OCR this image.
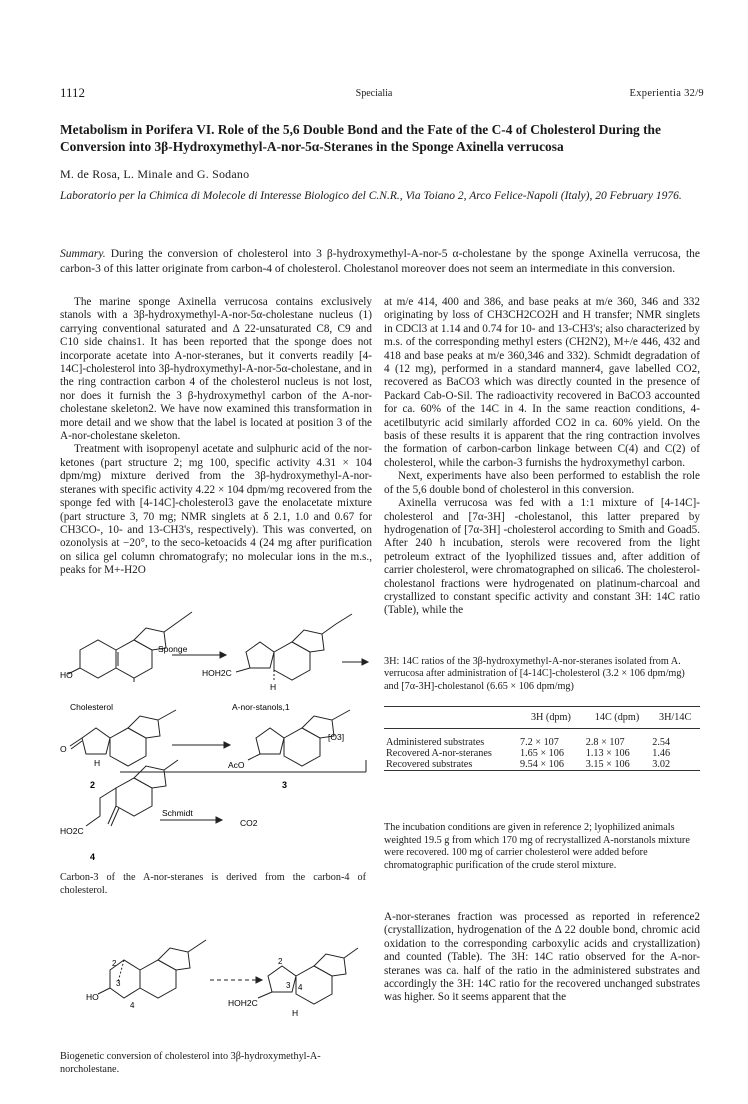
1112	Specialia	Experientia 32/9
Metabolism in Porifera VI. Role of the 5,6 Double Bond and the Fate of the C-4 of Cholesterol During the Conversion into 3β-Hydroxymethyl-A-nor-5α-Steranes in the Sponge Axinella verrucosa
M. de Rosa, L. Minale and G. Sodano
Laboratorio per la Chimica di Molecole di Interesse Biologico del C.N.R., Via Toiano 2, Arco Felice-Napoli (Italy), 20 February 1976.
Summary. During the conversion of cholesterol into 3 β-hydroxymethyl-A-nor-5 α-cholestane by the sponge Axinella verrucosa, the carbon-3 of this latter originate from carbon-4 of cholesterol. Cholestanol moreover does not seem an intermediate in this conversion.

The marine sponge Axinella verrucosa contains exclusively stanols with a 3β-hydroxymethyl-A-nor-5α-cholestane nucleus (1) carrying conventional saturated and Δ 22-unsaturated C8, C9 and C10 side chains1. It has been reported that the sponge does not incorporate acetate into A-nor-steranes, but it converts readily [4-14C]-cholesterol into 3β-hydroxymethyl-A-nor-5α-cholestane, and in the ring contraction carbon 4 of the cholesterol nucleus is not lost, nor does it furnish the 3 β-hydroxymethyl carbon of the A-nor-cholestane skeleton2. We have now examined this transformation in more detail and we show that the label is located at position 3 of the A-nor-cholestane skeleton.

Treatment with isopropenyl acetate and sulphuric acid of the nor-ketones (part structure 2; mg 100, specific activity 4.31 × 104 dpm/mg) mixture derived from the 3β-hydroxymethyl-A-nor-steranes with specific activity 4.22 × 104 dpm/mg recovered from the sponge fed with [4-14C]-cholesterol3 gave the enolacetate mixture (part structure 3, 70 mg; NMR singlets at δ 2.1, 1.0 and 0.67 for CH3CO-, 10- and 13-CH3's, respectively). This was converted, on ozonolysis at −20°, to the seco-ketoacids 4 (24 mg after purification on silica gel column chromatografy; no molecular ions in the m.s., peaks for M+-H2O

at m/e 414, 400 and 386, and base peaks at m/e 360, 346 and 332 originating by loss of CH3CH2CO2H and H transfer; NMR singlets in CDCl3 at 1.14 and 0.74 for 10- and 13-CH3's; also characterized by m.s. of the corresponding methyl esters (CH2N2), M+/e 446, 432 and 418 and base peaks at m/e 360,346 and 332). Schmidt degradation of 4 (12 mg), performed in a standard manner4, gave labelled CO2, recovered as BaCO3 which was directly counted in the presence of Packard Cab-O-Sil. The radioactivity recovered in BaCO3 accounted for ca. 60% of the 14C in 4. In the same reaction conditions, 4-acetilbutyric acid similarly afforded CO2 in ca. 60% yield. On the basis of these results it is apparent that the ring contraction involves the formation of carbon-carbon linkage between C(4) and C(2) of cholesterol, while the carbon-3 furnishs the hydroxymethyl carbon.

Next, experiments have also been performed to establish the role of the 5,6 double bond of cholesterol in this conversion.

Axinella verrucosa was fed with a 1:1 mixture of [4-14C]-cholesterol and [7α-3H] -cholestanol, this latter prepared by hydrogenation of [7α-3H] -cholesterol according to Smith and Goad5. After 240 h incubation, sterols were recovered from the light petroleum extract of the lyophilized tissues and, after addition of carrier cholesterol, were chromatographed on silica6. The cholesterol-cholestanol fractions were hydrogenated on platinum-charcoal and crystallized to constant specific activity and constant 3H: 14C ratio (Table), while the

A-nor-steranes fraction was processed as reported in reference2 (crystallization, hydrogenation of the Δ 22 double bond, chromic acid oxidation to the corresponding carboxylic acids and crystallization) and counted (Table). The 3H: 14C ratio observed for the A-nor-steranes was ca. half of the ratio in the administered substrates and accordingly the 3H: 14C ratio for the recovered unchanged substrates was higher. So it seems apparent that the

Sponge
HO	HOH2C
H
Cholesterol	A-nor-stanols,1
O
H
[O3]
AcO
2	3
Schmidt
CO2
HO2C
4
Carbon-3 of the A-nor-steranes is derived from the carbon-4 of cholesterol.
2
3
4
HO
2
3 4
HOH2C
H
Biogenetic conversion of cholesterol into 3β-hydroxymethyl-A-norcholestane.
3H: 14C ratios of the 3β-hydroxymethyl-A-nor-steranes isolated from A. verrucosa after administration of [4-14C]-cholesterol (3.2 × 106 dpm/mg) and [7α-3H]-cholestanol (6.65 × 106 dpm/mg)
	3H (dpm)	14C (dpm)	3H/14C

Administered substrates	7.2 × 107	2.8 × 107	2.54
Recovered A-nor-steranes	1.65 × 106	1.13 × 106	1.46
Recovered substrates	9.54 × 106	3.15 × 106	3.02
The incubation conditions are given in reference 2; lyophilized animals weighted 19.5 g from which 170 mg of recrystallized A-norstanols mixture were recovered. 100 mg of carrier cholesterol were added before chromatographic purification of the crude sterol mixture.
